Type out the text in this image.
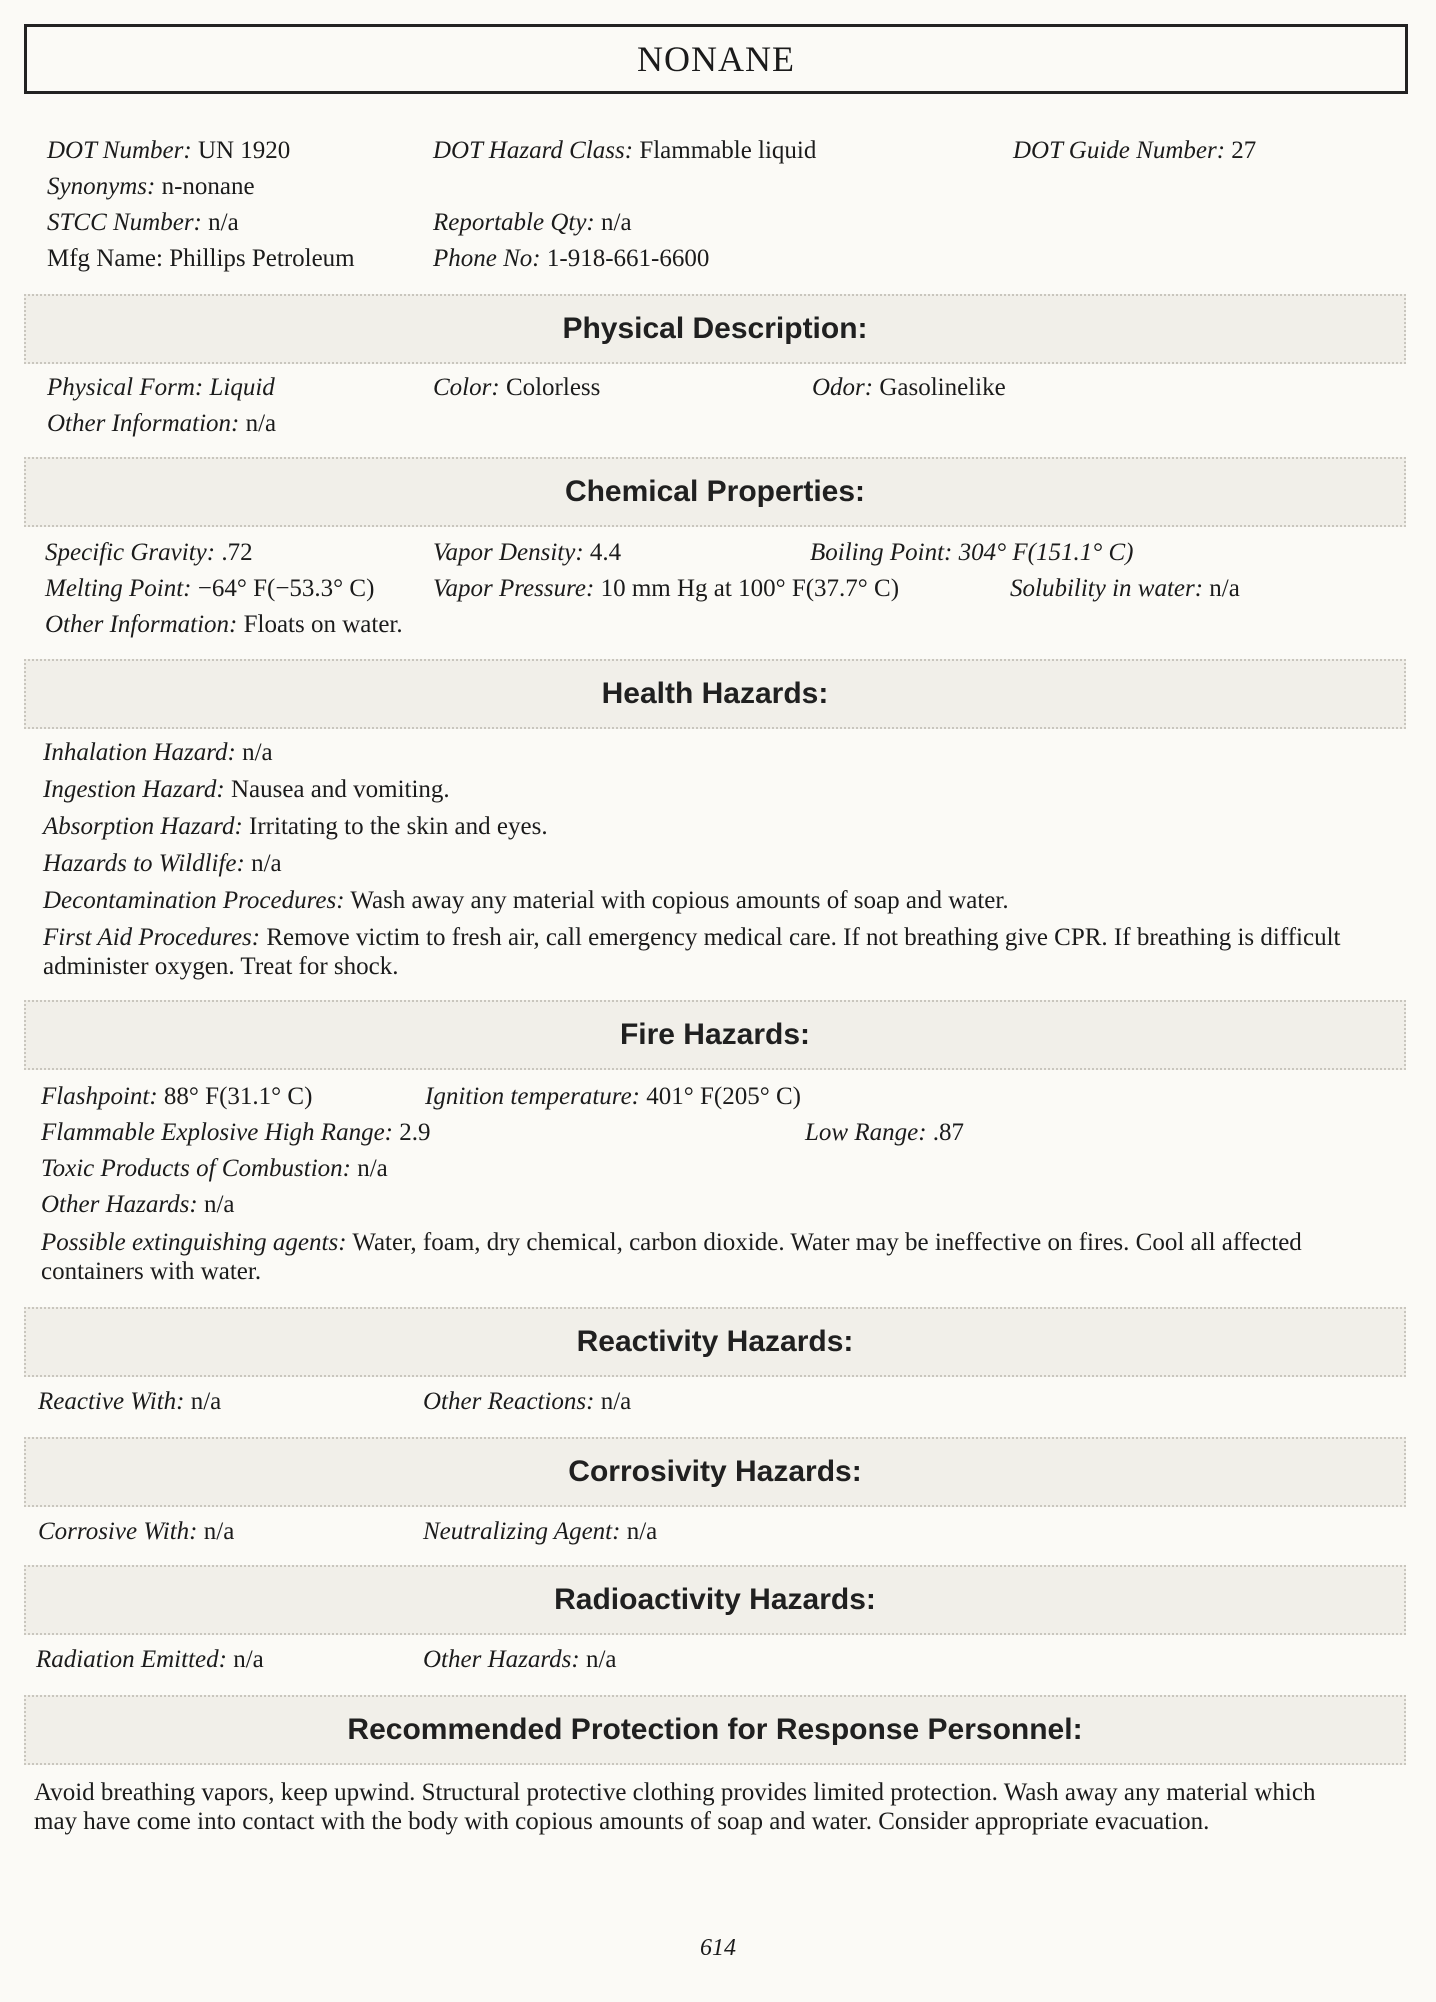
NONANE
DOT Number: UN 1920	DOT Hazard Class: Flammable liquid	DOT Guide Number: 27
Synonyms: n-nonane
STCC Number: n/a	Reportable Qty: n/a
Mfg Name: Phillips Petroleum	Phone No: 1-918-661-6600
Physical Description:
Physical Form: Liquid	Color: Colorless	Odor: Gasolinelike
Other Information: n/a
Chemical Properties:
Specific Gravity: .72	Vapor Density: 4.4	Boiling Point: 304° F(151.1° C)
Melting Point: −64° F(−53.3° C) Vapor Pressure: 10 mm Hg at 100° F(37.7° C)	Solubility in water: n/a
Other Information: Floats on water.
Health Hazards:
Inhalation Hazard: n/a
Ingestion Hazard: Nausea and vomiting.
Absorption Hazard: Irritating to the skin and eyes.
Hazards to Wildlife: n/a
Decontamination Procedures: Wash away any material with copious amounts of soap and water.
First Aid Procedures: Remove victim to fresh air, call emergency medical care. If not breathing give CPR. If breathing is difficult administer oxygen. Treat for shock.
Fire Hazards:
Flashpoint: 88° F(31.1° C)	Ignition temperature: 401° F(205° C)
Flammable Explosive High Range: 2.9	Low Range: .87
Toxic Products of Combustion: n/a
Other Hazards: n/a
Possible extinguishing agents: Water, foam, dry chemical, carbon dioxide. Water may be ineffective on fires. Cool all affected containers with water.
Reactivity Hazards:
Reactive With: n/a	Other Reactions: n/a
Corrosivity Hazards:
Corrosive With: n/a	Neutralizing Agent: n/a
Radioactivity Hazards:
Radiation Emitted: n/a	Other Hazards: n/a
Recommended Protection for Response Personnel:
Avoid breathing vapors, keep upwind. Structural protective clothing provides limited protection. Wash away any material which may have come into contact with the body with copious amounts of soap and water. Consider appropriate evacuation.
614
